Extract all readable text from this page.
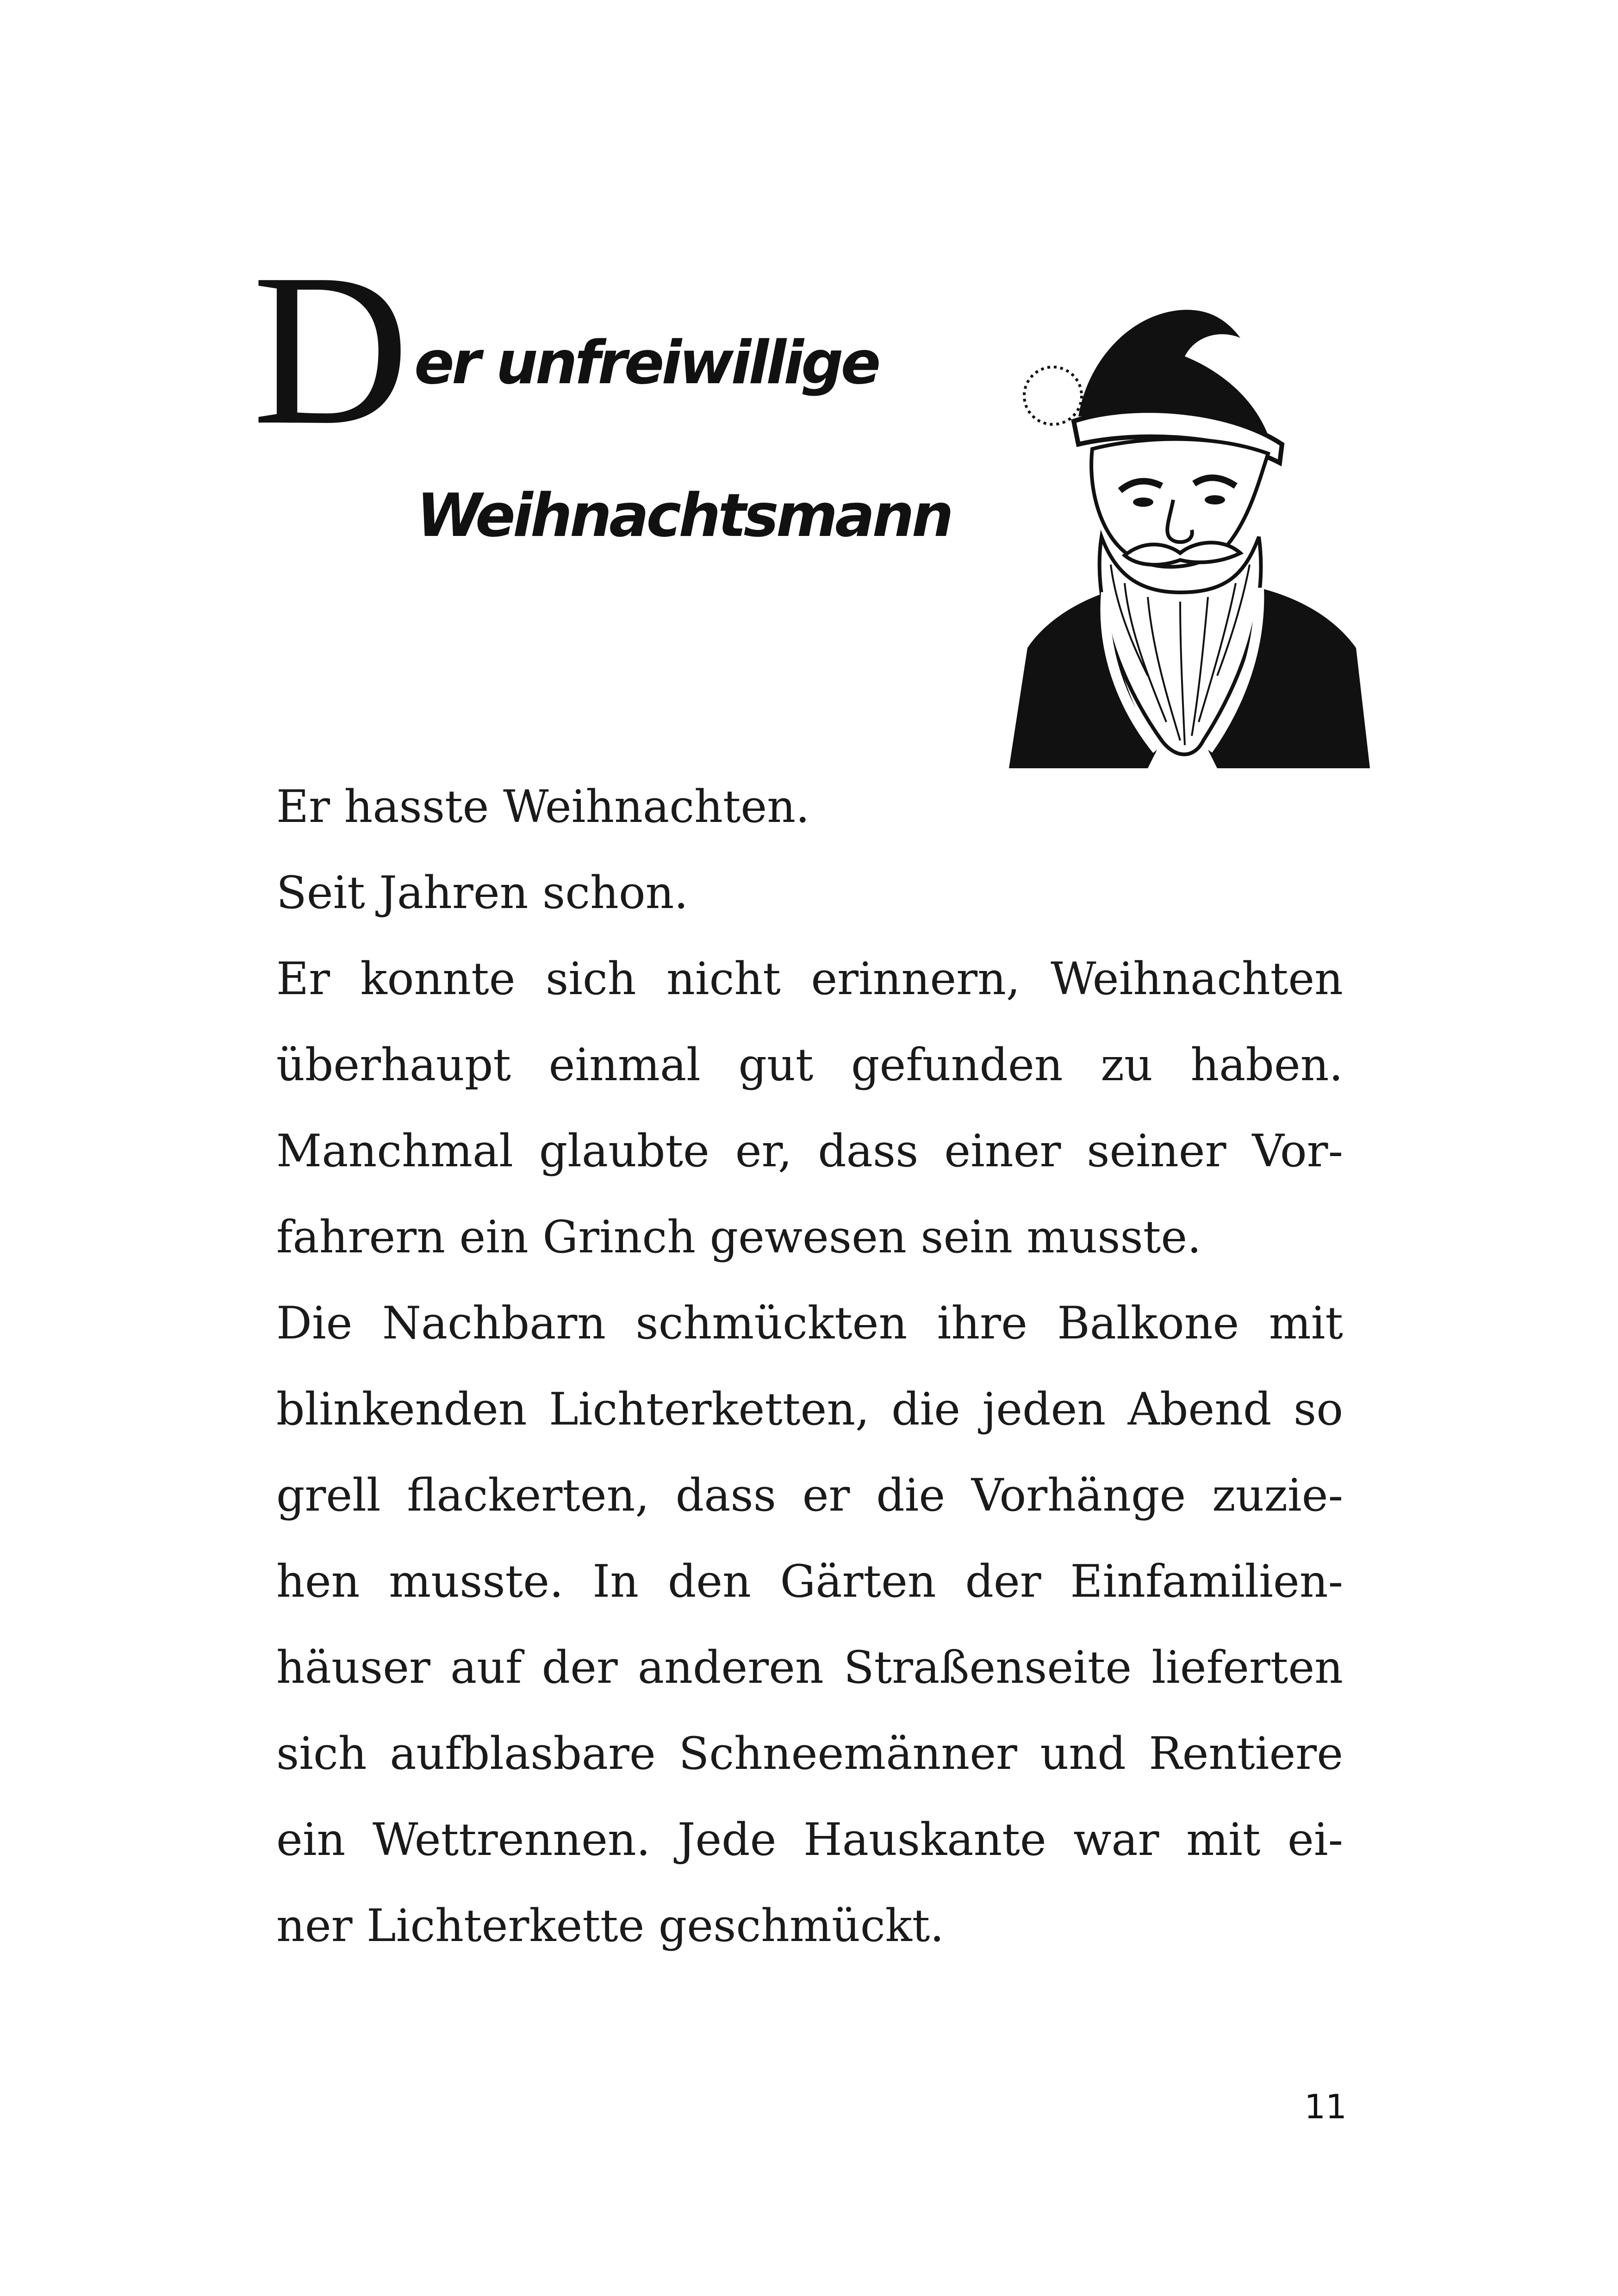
D er unfreiwillige
Weihnachtsmann
Er hasste Weihnachten.
Seit Jahren schon.
Er konnte sich nicht erinnern, Weihnachten
überhaupt einmal gut gefunden zu haben.
Manchmal glaubte er, dass einer seiner Vor-
fahrern ein Grinch gewesen sein musste.
Die Nachbarn schmückten ihre Balkone mit
blinkenden Lichterketten, die jeden Abend so
grell flackerten, dass er die Vorhänge zuzie-
hen musste. In den Gärten der Einfamilien-
häuser auf der anderen Straßenseite lieferten
sich aufblasbare Schneemänner und Rentiere
ein Wettrennen. Jede Hauskante war mit ei-
ner Lichterkette geschmückt.
11
